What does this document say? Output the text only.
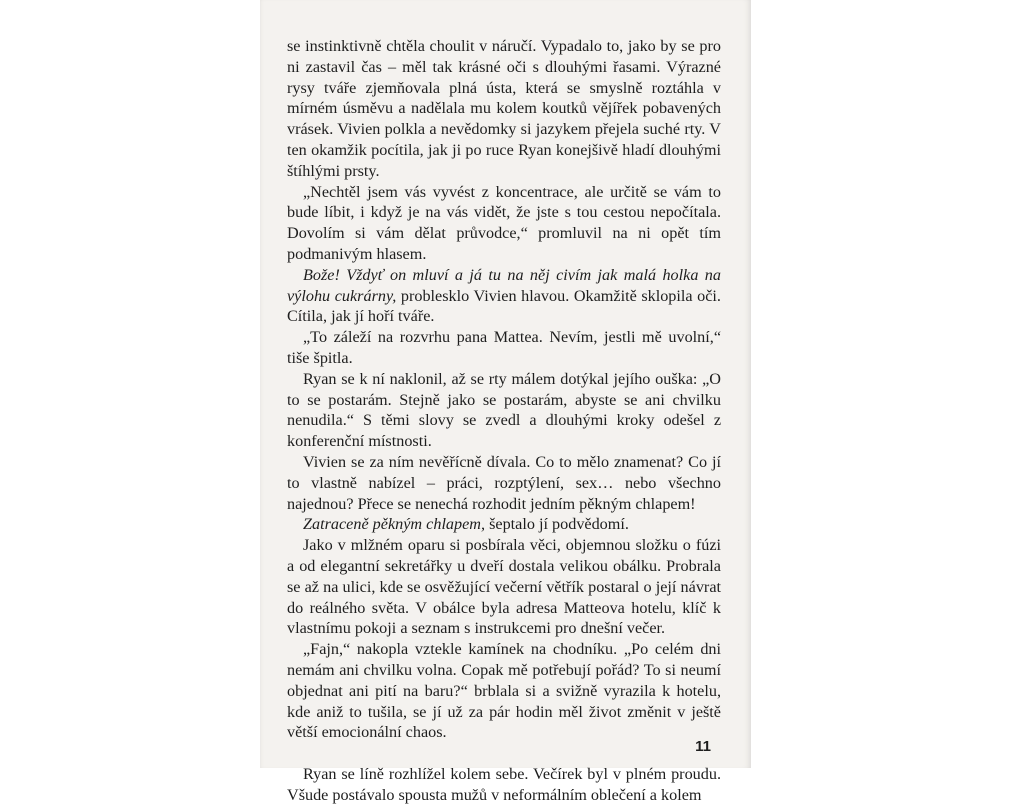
se instinktivně chtěla choulit v náručí. Vypadalo to, jako by se pro ni zastavil čas – měl tak krásné oči s dlouhými řasami. Výrazné rysy tváře zjemňovala plná ústa, která se smyslně roztáhla v mírném úsměvu a nadělala mu kolem koutků vějířek pobavených vrásek. Vivien polkla a nevědomky si jazykem přejela suché rty. V ten okamžik pocítila, jak ji po ruce Ryan konejšivě hladí dlouhými štíhlými prsty.

„Nechtěl jsem vás vyvést z koncentrace, ale určitě se vám to bude líbit, i když je na vás vidět, že jste s tou cestou nepočítala. Dovolím si vám dělat průvodce,“ promluvil na ni opět tím podmanivým hlasem.

Bože! Vždyť on mluví a já tu na něj civím jak malá holka na výlohu cukrárny, problesklo Vivien hlavou. Okamžitě sklopila oči. Cítila, jak jí hoří tváře.

„To záleží na rozvrhu pana Mattea. Nevím, jestli mě uvolní,“ tiše špitla.

Ryan se k ní naklonil, až se rty málem dotýkal jejího ouška: „O to se postarám. Stejně jako se postarám, abyste se ani chvilku nenudila.“ S těmi slovy se zvedl a dlouhými kroky odešel z konferenční místnosti.

Vivien se za ním nevěřícně dívala. Co to mělo znamenat? Co jí to vlastně nabízel – práci, rozptýlení, sex… nebo všechno najednou? Přece se nenechá rozhodit jedním pěkným chlapem!

Zatraceně pěkným chlapem, šeptalo jí podvědomí.

Jako v mlžném oparu si posbírala věci, objemnou složku o fúzi a od elegantní sekretářky u dveří dostala velikou obálku. Probrala se až na ulici, kde se osvěžující večerní větřík postaral o její návrat do reálného světa. V obálce byla adresa Matteova hotelu, klíč k vlastnímu pokoji a seznam s instrukcemi pro dnešní večer.

„Fajn,“ nakopla vztekle kamínek na chodníku. „Po celém dni nemám ani chvilku volna. Copak mě potřebují pořád? To si neumí objednat ani pití na baru?“ brblala si a svižně vyrazila k hotelu, kde aniž to tušila, se jí už za pár hodin měl život změnit v ještě větší emocionální chaos.

Ryan se líně rozhlížel kolem sebe. Večírek byl v plném proudu. Všude postávalo spousta mužů v neformálním oblečení a kolem

11
